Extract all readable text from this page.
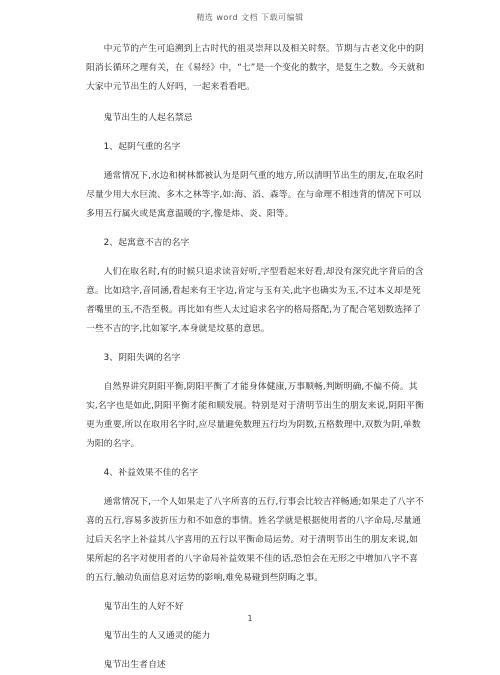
精选 word 文档 下载可编辑

中元节的产生可追溯到上古时代的祖灵崇拜以及相关时祭。节期与古老文化中的阴阳消长循环之理有关，在《易经》中，“七”是一个变化的数字，是复生之数。今天就和大家中元节出生的人好吗，一起来看看吧。

鬼节出生的人起名禁忌

1、起阴气重的名字

通常情况下,水边和树林都被认为是阴气重的地方,所以清明节出生的朋友,在取名时尽量少用大水巨流、多木之林等字,如:海、滔、森等。在与命理不相违背的情况下可以多用五行属火或是寓意温暖的字,像是炜、炎、阳等。

2、起寓意不吉的名字

人们在取名时,有的时候只追求读音好听,字型看起来好看,却没有深究此字背后的含意。比如琀字,音同涵,看起来有王字边,肯定与玉有关,此字也确实为玉,不过本义却是死者嘴里的玉,不浩至极。再比如有些人太过追求名字的格局搭配,为了配合笔划数选择了一些不吉的字,比如冢字,本身就是坟墓的意思。

3、阴阳失调的名字

自然界讲究阴阳平衡,阴阳平衡了才能身体健康,万事顺畅,判断明确,不偏不倚。其实,名字也是如此,阴阳平衡才能和顺发展。特别是对于清明节出生的朋友来说,阴阳平衡更为重要,所以在取用名字时,应尽量避免数理五行均为阴数,五格数理中,双数为阴,单数为阳的名字。

4、补益效果不佳的名字

通常情况下,一个人如果走了八字所喜的五行,行事会比较吉祥畅通;如果走了八字不喜的五行,容易多波折压力和不如意的事情。姓名学就是根据使用者的八字命局,尽量通过后天名字上补益其八字喜用的五行以平衡命局运势。对于清明节出生的朋友来说,如果所起的名字对使用者的八字命局补益效果不佳的话,恐怕会在无形之中增加八字不喜的五行,触动负面信息对运势的影响,难免易碰到些阴晦之事。

鬼节出生的人好不好

鬼节出生的人又通灵的能力

鬼节出生者自述

1
